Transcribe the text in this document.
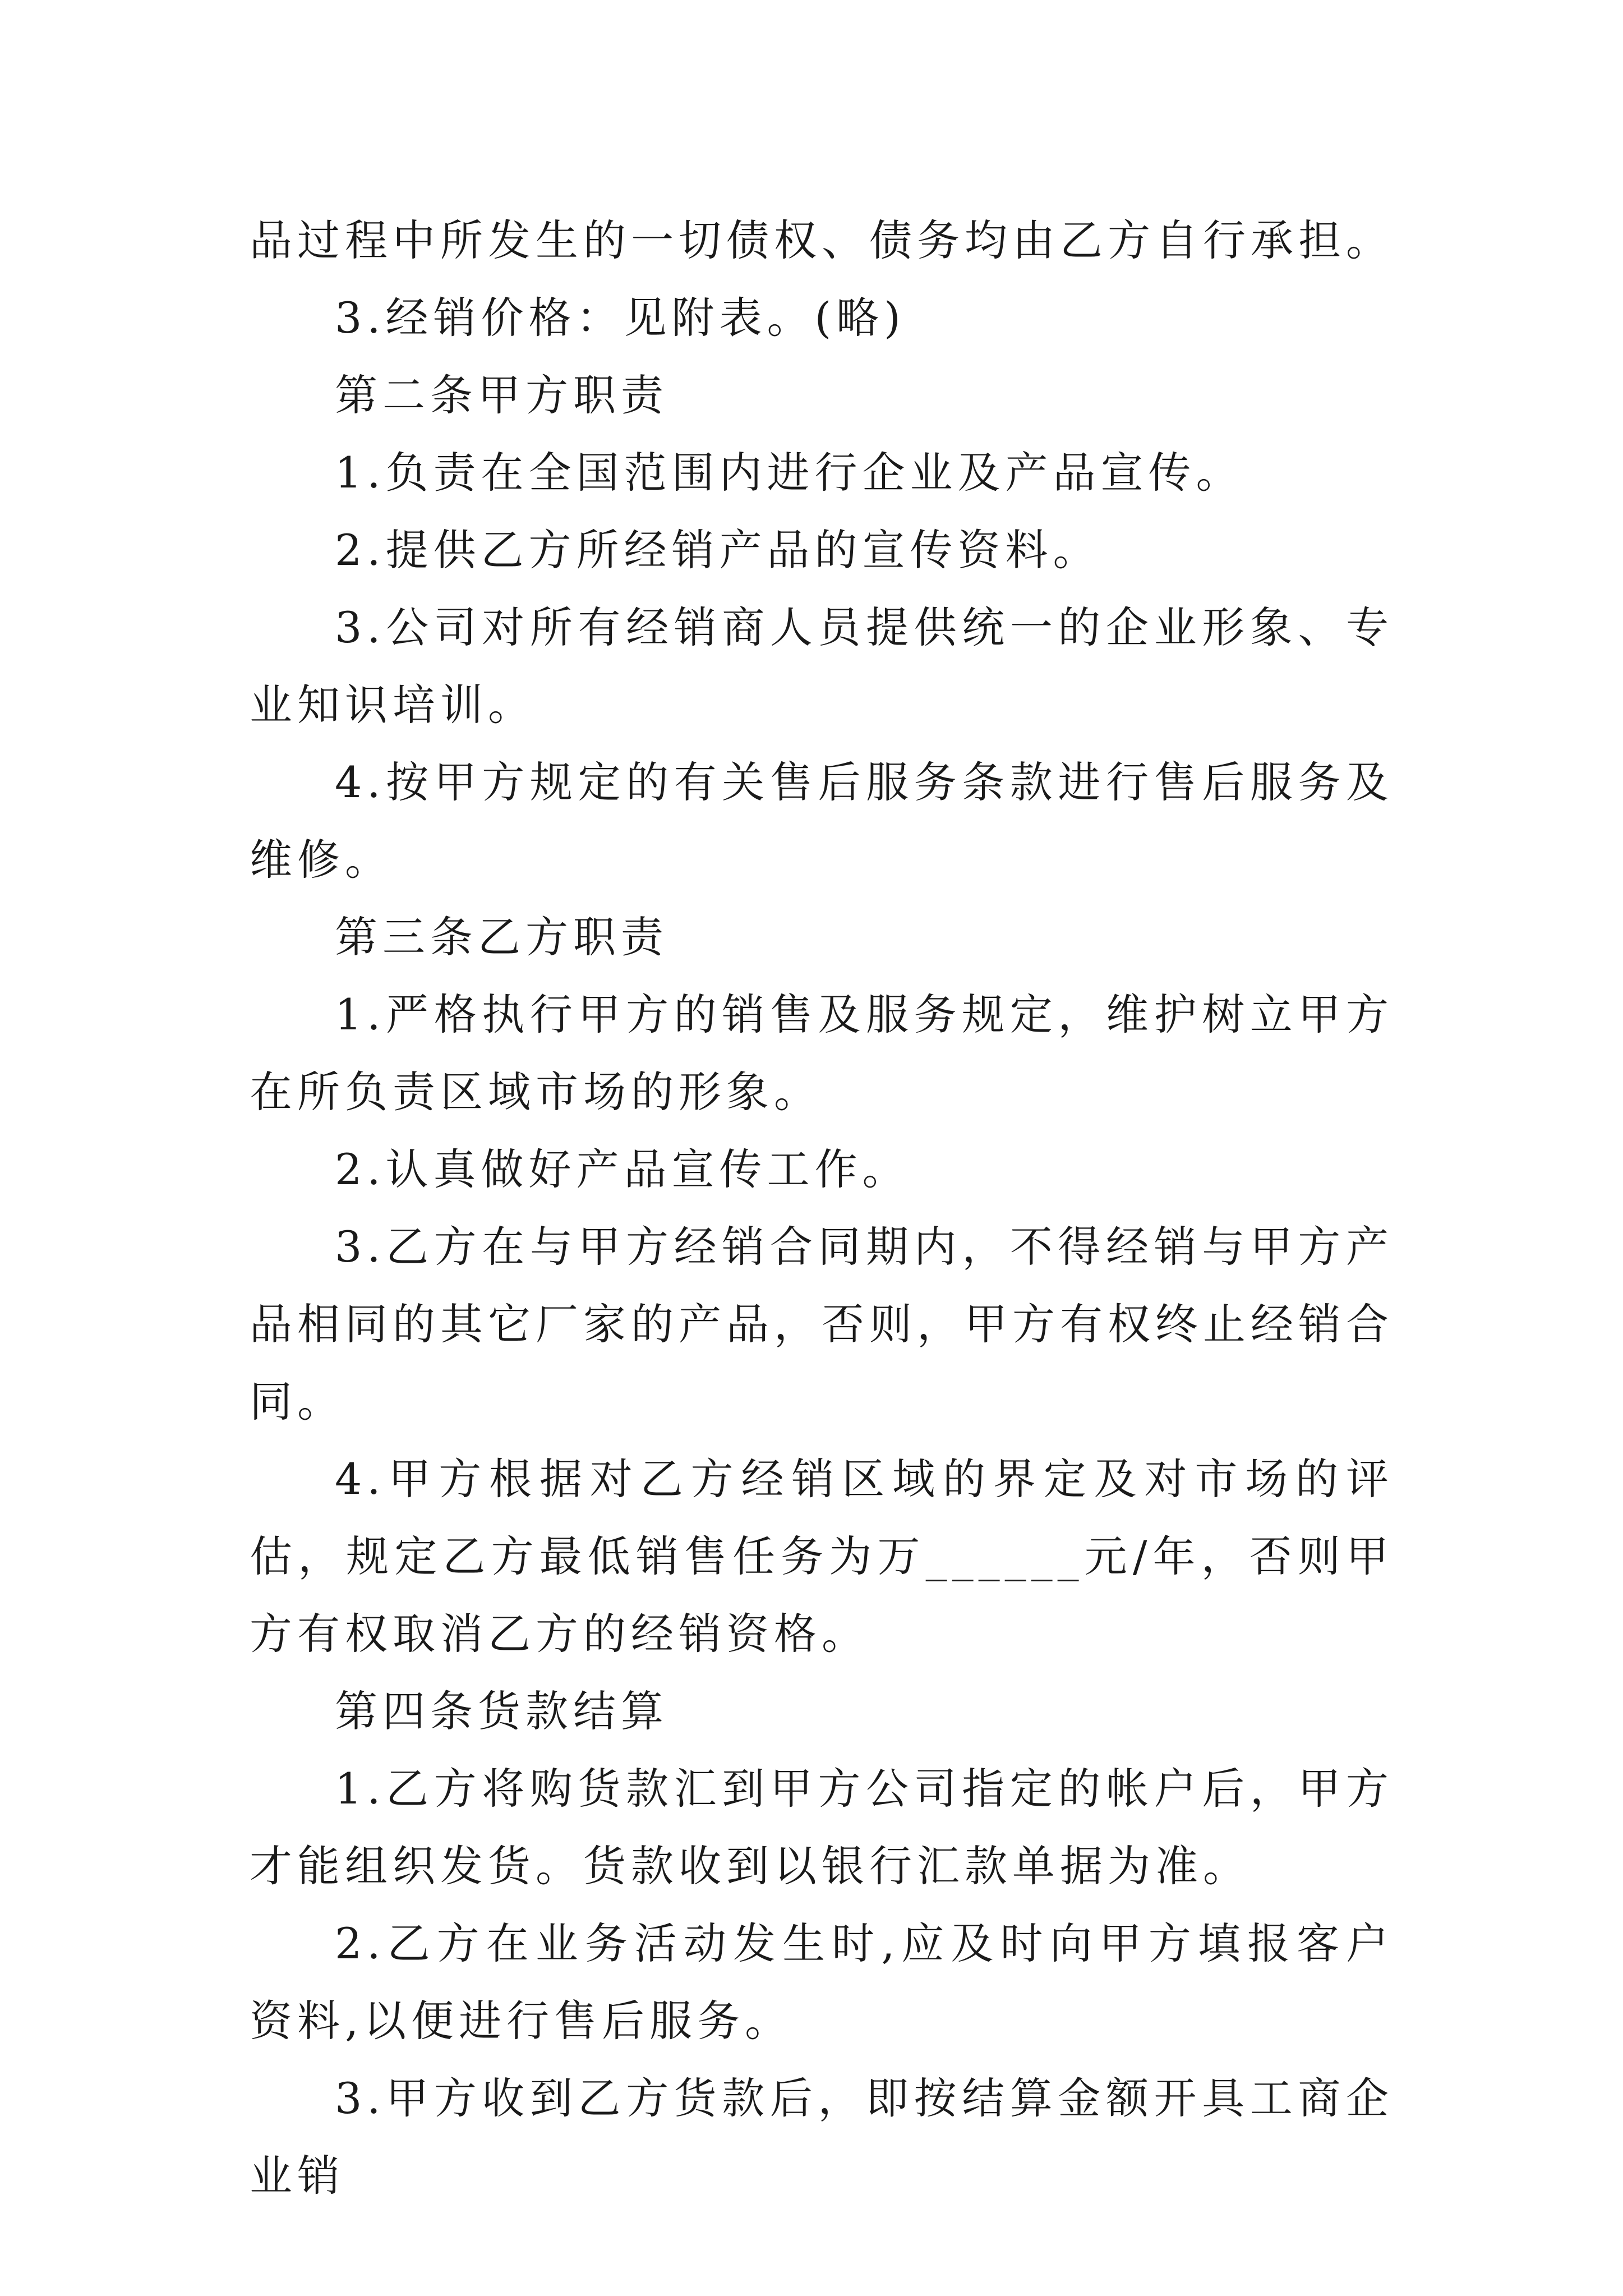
品过程中所发生的一切债权、债务均由乙方自行承担。

3.经销价格：见附表。(略)

第二条甲方职责

1.负责在全国范围内进行企业及产品宣传。

2.提供乙方所经销产品的宣传资料。

3.公司对所有经销商人员提供统一的企业形象、专业知识培训。

4.按甲方规定的有关售后服务条款进行售后服务及维修。

第三条乙方职责

1.严格执行甲方的销售及服务规定，维护树立甲方在所负责区域市场的形象。

2.认真做好产品宣传工作。

3.乙方在与甲方经销合同期内，不得经销与甲方产品相同的其它厂家的产品，否则，甲方有权终止经销合同。

4.甲方根据对乙方经销区域的界定及对市场的评估，规定乙方最低销售任务为万______元/年，否则甲方有权取消乙方的经销资格。

第四条货款结算

1.乙方将购货款汇到甲方公司指定的帐户后，甲方才能组织发货。货款收到以银行汇款单据为准。

2.乙方在业务活动发生时,应及时向甲方填报客户资料,以便进行售后服务。

3.甲方收到乙方货款后，即按结算金额开具工商企业销
